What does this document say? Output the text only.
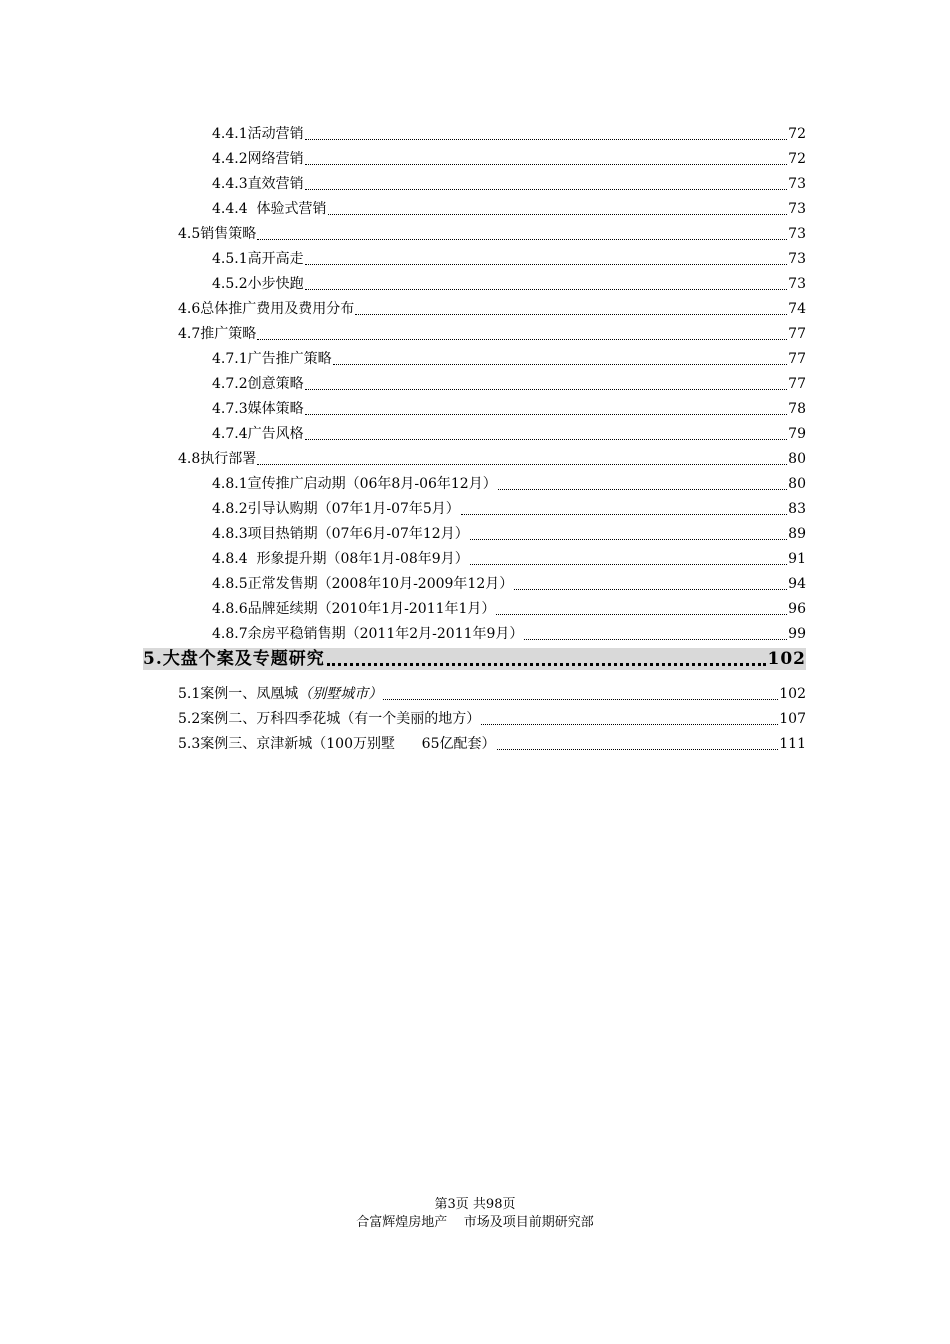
4.4.1活动营销	72
4.4.2网络营销	72
4.4.3直效营销	73
4.4.4  体验式营销	73
4.5销售策略	73
4.5.1高开高走	73
4.5.2小步快跑	73
4.6总体推广费用及费用分布	74
4.7推广策略	77
4.7.1广告推广策略	77
4.7.2创意策略	77
4.7.3媒体策略	78
4.7.4广告风格	79
4.8执行部署	80
4.8.1宣传推广启动期（06年8月-06年12月）	80
4.8.2引导认购期（07年1月-07年5月）	83
4.8.3项目热销期（07年6月-07年12月）	89
4.8.4  形象提升期（08年1月-08年9月）	91
4.8.5正常发售期（2008年10月-2009年12月）	94
4.8.6品牌延续期（2010年1月-2011年1月）	96
4.8.7余房平稳销售期（2011年2月-2011年9月）	99
5.大盘个案及专题研究	102
5.1案例一、凤凰城（别墅城市）	102
5.2案例二、万科四季花城（有一个美丽的地方）	107
5.3案例三、京津新城（100万别墅      65亿配套）	111
第3页 共98页
合富辉煌房地产    市场及项目前期研究部
